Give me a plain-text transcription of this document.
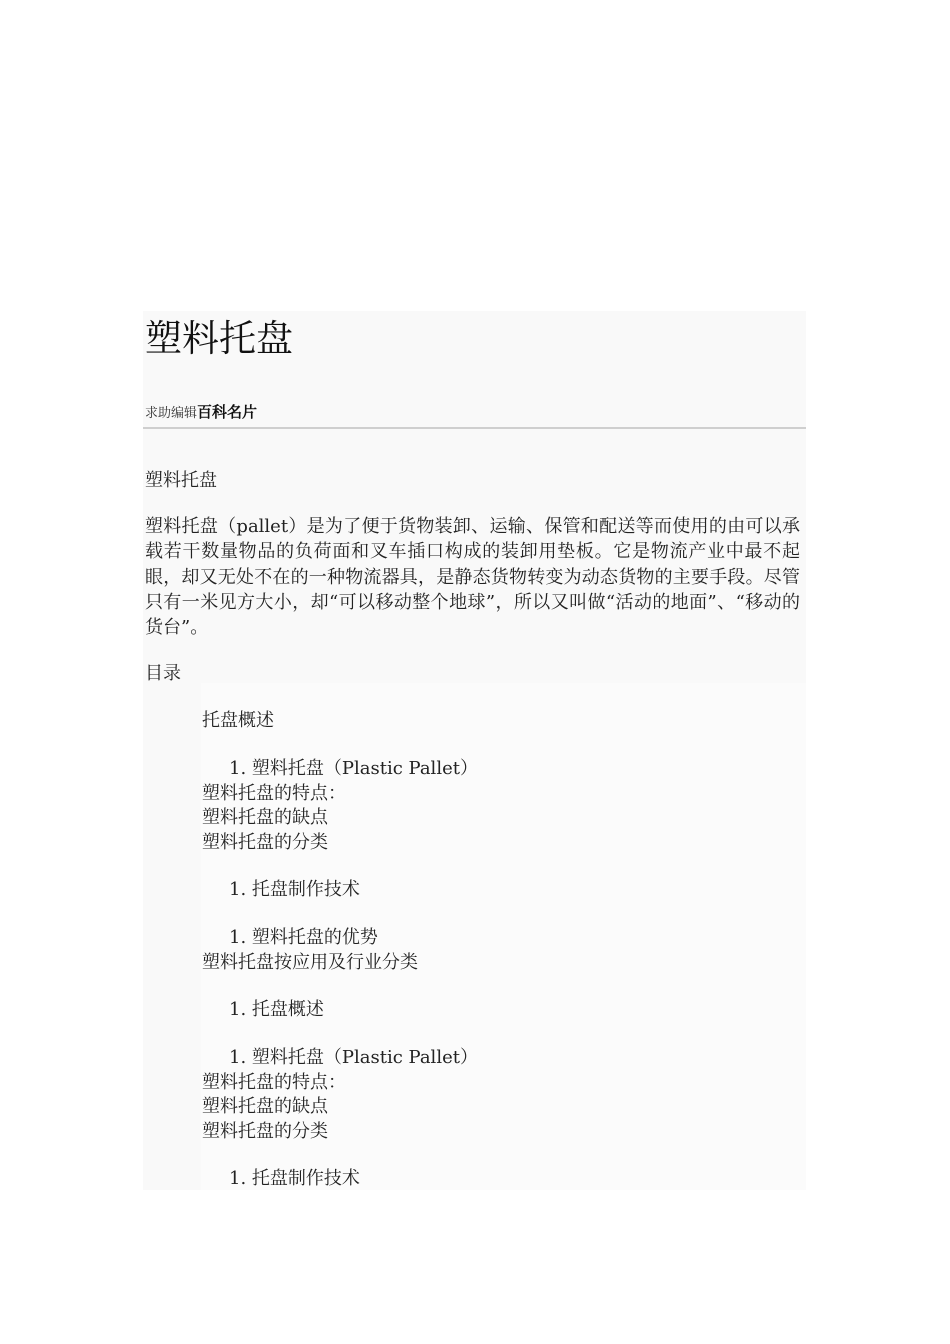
塑料托盘
求助编辑百科名片
塑料托盘
塑料托盘（pallet）是为了便于货物装卸、运输、保管和配送等而使用的由可以承载若干数量物品的负荷面和叉车插口构成的装卸用垫板。它是物流产业中最不起眼，却又无处不在的一种物流器具，是静态货物转变为动态货物的主要手段。尽管只有一米见方大小，却“可以移动整个地球”，所以又叫做“活动的地面”、“移动的货台”。
目录
托盘概述
1. 塑料托盘（Plastic Pallet）
塑料托盘的特点：
塑料托盘的缺点
塑料托盘的分类
1. 托盘制作技术
1. 塑料托盘的优势
塑料托盘按应用及行业分类
1. 托盘概述
1. 塑料托盘（Plastic Pallet）
塑料托盘的特点：
塑料托盘的缺点
塑料托盘的分类
1. 托盘制作技术
